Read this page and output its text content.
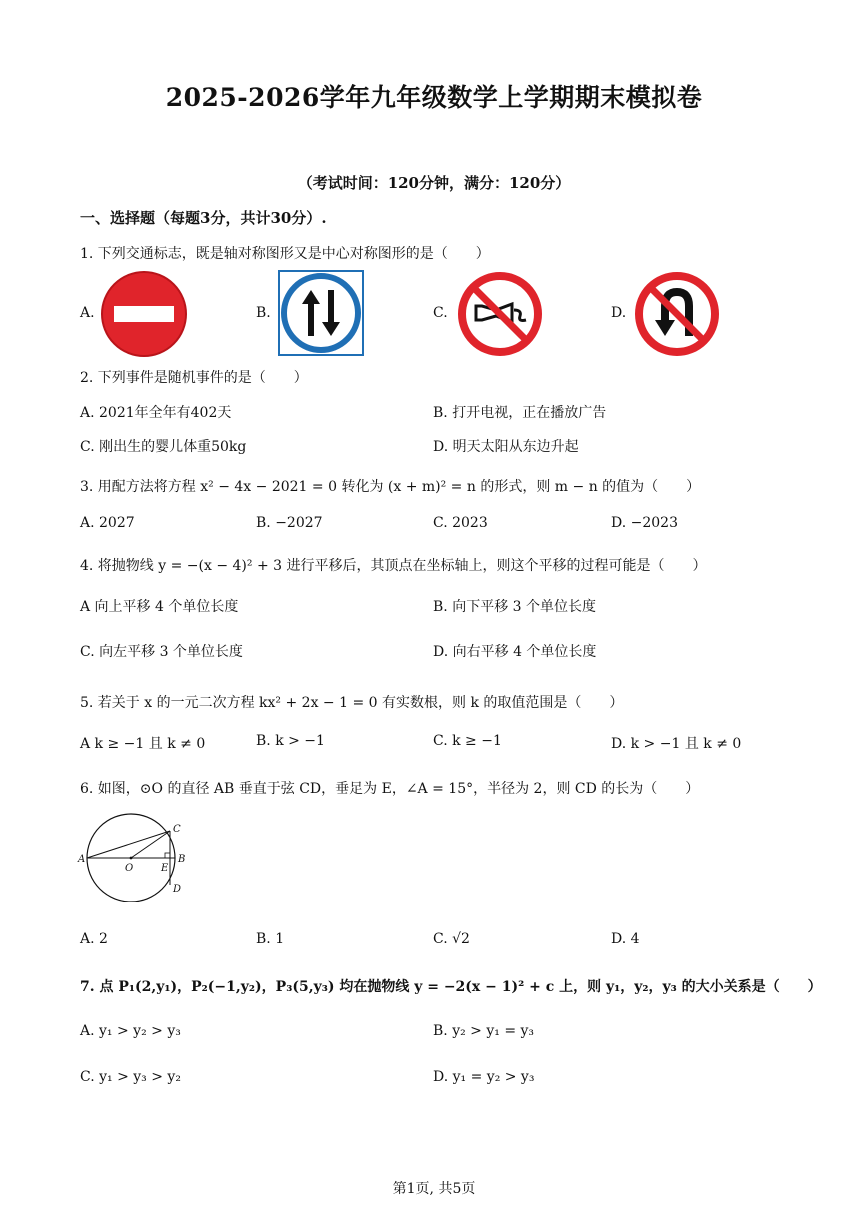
2025-2026学年九年级数学上学期期末模拟卷
（考试时间：120分钟，满分：120分）
一、选择题（每题3分，共计30分）.
1. 下列交通标志，既是轴对称图形又是中心对称图形的是（　　）
A.	B.	C.	D.
2. 下列事件是随机事件的是（　　）
A. 2021年全年有402天	B. 打开电视，正在播放广告
C. 刚出生的婴儿体重50kg	D. 明天太阳从东边升起
3. 用配方法将方程 x² − 4x − 2021 = 0 转化为 (x + m)² = n 的形式，则 m − n 的值为（　　）
A. 2027	B. −2027	C. 2023	D. −2023
4. 将抛物线 y = −(x − 4)² + 3 进行平移后，其顶点在坐标轴上，则这个平移的过程可能是（　　）
A 向上平移 4 个单位长度	B. 向下平移 3 个单位长度
C. 向左平移 3 个单位长度	D. 向右平移 4 个单位长度
5. 若关于 x 的一元二次方程 kx² + 2x − 1 = 0 有实数根，则 k 的取值范围是（　　）
A k ≥ −1 且 k ≠ 0	B. k > −1	C. k ≥ −1	D. k > −1 且 k ≠ 0
6. 如图，⊙O 的直径 AB 垂直于弦 CD，垂足为 E，∠A = 15°，半径为 2，则 CD 的长为（　　）
A	B
C
D
O	E
A. 2	B. 1	C. √2	D. 4
7. 点 P₁(2,y₁)，P₂(−1,y₂)，P₃(5,y₃) 均在抛物线 y = −2(x − 1)² + c 上，则 y₁，y₂，y₃ 的大小关系是（　　）
A. y₁ > y₂ > y₃	B. y₂ > y₁ = y₃
C. y₁ > y₃ > y₂	D. y₁ = y₂ > y₃
第1页, 共5页
